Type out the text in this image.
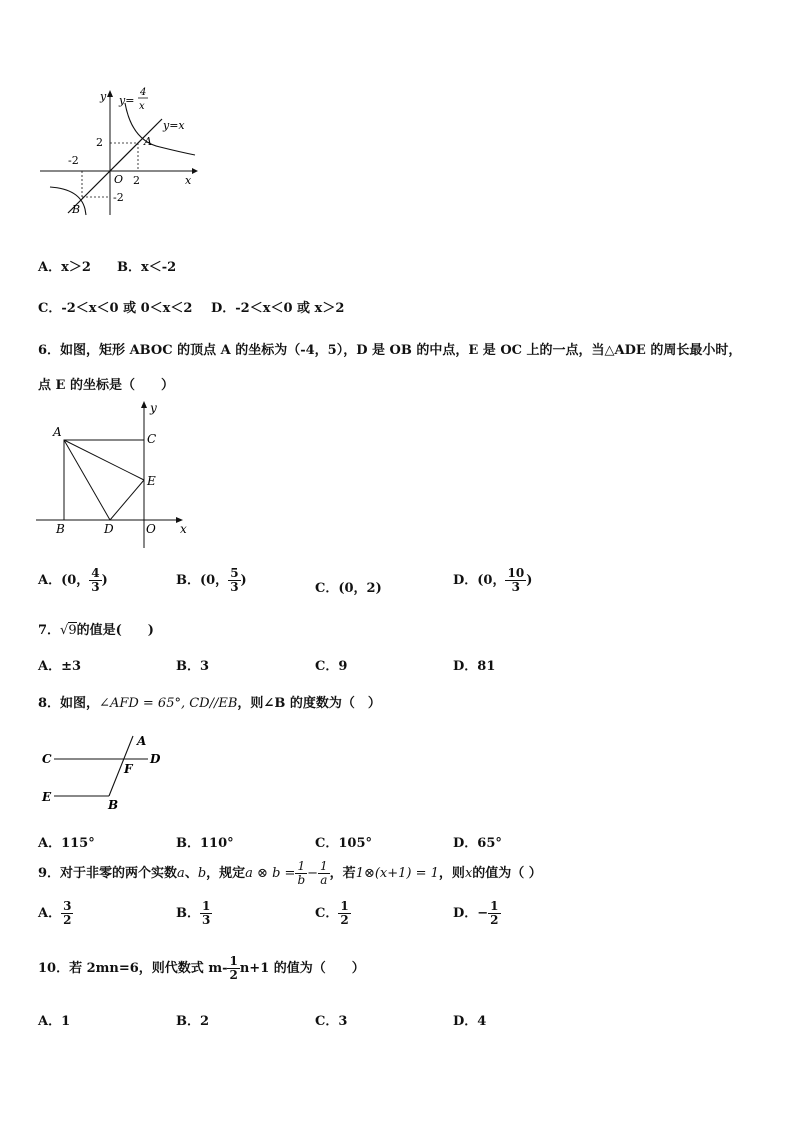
y y=
4
x
y=x
A
2
-2
O 2	x
-2
B
A．x＞2 B．x＜-2
C．-2＜x＜0 或 0＜x＜2 D．-2＜x＜0 或 x＞2
6．如图，矩形 ABOC 的顶点 A 的坐标为（-4，5），D 是 OB 的中点，E 是 OC 上的一点，当△ADE 的周长最小时，
点 E 的坐标是（　　）
A	C
E
B	D	O x
y
A．(0， $\frac{4}{3}$ )	B．(0， $\frac{5}{3}$ )
C．(0，2)
D．(0， $\frac{10}{3}$ )
7．√9的值是(　　)
A．±3	B．3	C．9	D．81
8．如图，∠AFD = 65°, CD//EB，则∠B 的度数为（　）
A
C	D
F
E
B
A．115°	B．110°	C．105°	D．65°
9．对于非零的两个实数a、b，规定a ⊗ $b = \frac{1}{b} - \frac{1}{a}$ ，若1⊗(x+1) = 1，则x的值为（ ）
A． $\frac{3}{2}$	B． $\frac{1}{3}$	C． $\frac{1}{2}$	D．− $\frac{1}{2}$
10．若 2mn=6，则代数式 $m- \frac{1}{2} n+1$ 的值为（　　）
A．1	B．2	C．3	D．4
